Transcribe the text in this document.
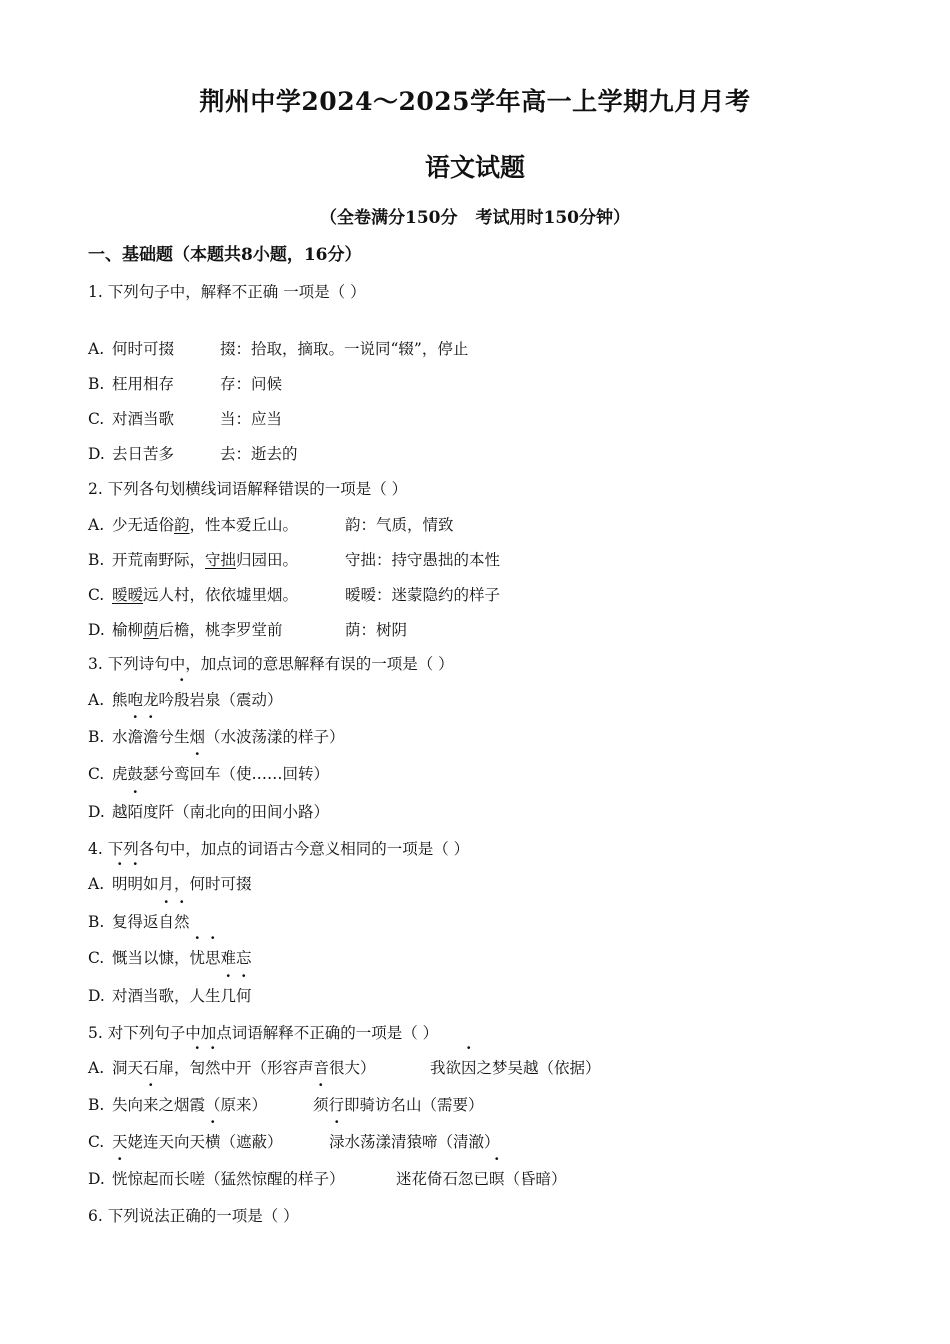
荆州中学2024～2025学年高一上学期九月月考
语文试题
（全卷满分150分 考试用时150分钟）
一、基础题（本题共8小题，16分）
1. 下列句子中，解释不正确 一项是（ ）
A. 何时可掇	掇：拾取，摘取。一说同“辍”，停止
B. 枉用相存	存：问候
C. 对酒当歌	当：应当
D. 去日苦多	去：逝去的
2. 下列各句划横线词语解释错误的一项是（ ）
A. 少无适俗韵，性本爱丘山。	韵：气质，情致
B. 开荒南野际，守拙归园田。	守拙：持守愚拙的本性
C. 暧暧远人村，依依墟里烟。	暧暧：迷蒙隐约的样子
D. 榆柳荫后檐，桃李罗堂前	荫：树阴
3. 下列诗句中，加点词的意思解释有误的一项是（ ）
A. 熊咆龙吟殷岩泉（震动）
B. 水澹澹兮生烟（水波荡漾的样子）
C. 虎鼓瑟兮鸾回车（使……回转）
D. 越陌度阡（南北向的田间小路）
4. 下列各句中，加点的词语古今意义相同的一项是（ ）
A. 明明如月，何时可掇
B. 复得返自然
C. 慨当以慷，忧思难忘
D. 对酒当歌，人生几何
5. 对下列句子中加点词语解释不正确的一项是（ ）
A. 洞天石扉，訇然中开（形容声音很大）	我欲因之梦吴越（依据）
B. 失向来之烟霞（原来）	须行即骑访名山（需要）
C. 天姥连天向天横（遮蔽）	渌水荡漾清猿啼（清澈）
D. 恍惊起而长嗟（猛然惊醒的样子）	迷花倚石忽已暝（昏暗）
6. 下列说法正确的一项是（ ）
